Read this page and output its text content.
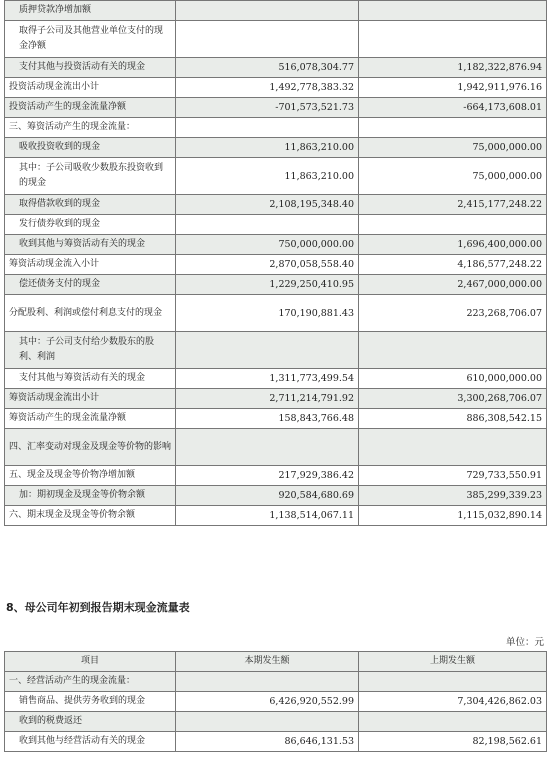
质押贷款净增加额		
取得子公司及其他营业单位支付的现金净额		
支付其他与投资活动有关的现金	516,078,304.77	1,182,322,876.94
投资活动现金流出小计	1,492,778,383.32	1,942,911,976.16
投资活动产生的现金流量净额	-701,573,521.73	-664,173,608.01
三、筹资活动产生的现金流量：		
吸收投资收到的现金	11,863,210.00	75,000,000.00
其中：子公司吸收少数股东投资收到的现金	11,863,210.00	75,000,000.00
取得借款收到的现金	2,108,195,348.40	2,415,177,248.22
发行债券收到的现金		
收到其他与筹资活动有关的现金	750,000,000.00	1,696,400,000.00
筹资活动现金流入小计	2,870,058,558.40	4,186,577,248.22
偿还债务支付的现金	1,229,250,410.95	2,467,000,000.00
分配股利、利润或偿付利息支付的现金	170,190,881.43	223,268,706.07
其中：子公司支付给少数股东的股利、利润		
支付其他与筹资活动有关的现金	1,311,773,499.54	610,000,000.00
筹资活动现金流出小计	2,711,214,791.92	3,300,268,706.07
筹资活动产生的现金流量净额	158,843,766.48	886,308,542.15
四、汇率变动对现金及现金等价物的影响		
五、现金及现金等价物净增加额	217,929,386.42	729,733,550.91
加：期初现金及现金等价物余额	920,584,680.69	385,299,339.23
六、期末现金及现金等价物余额	1,138,514,067.11	1,115,032,890.14
8、母公司年初到报告期末现金流量表
单位：元
项目	本期发生额	上期发生额
一、经营活动产生的现金流量：		
销售商品、提供劳务收到的现金	6,426,920,552.99	7,304,426,862.03
收到的税费返还		
收到其他与经营活动有关的现金	86,646,131.53	82,198,562.61
